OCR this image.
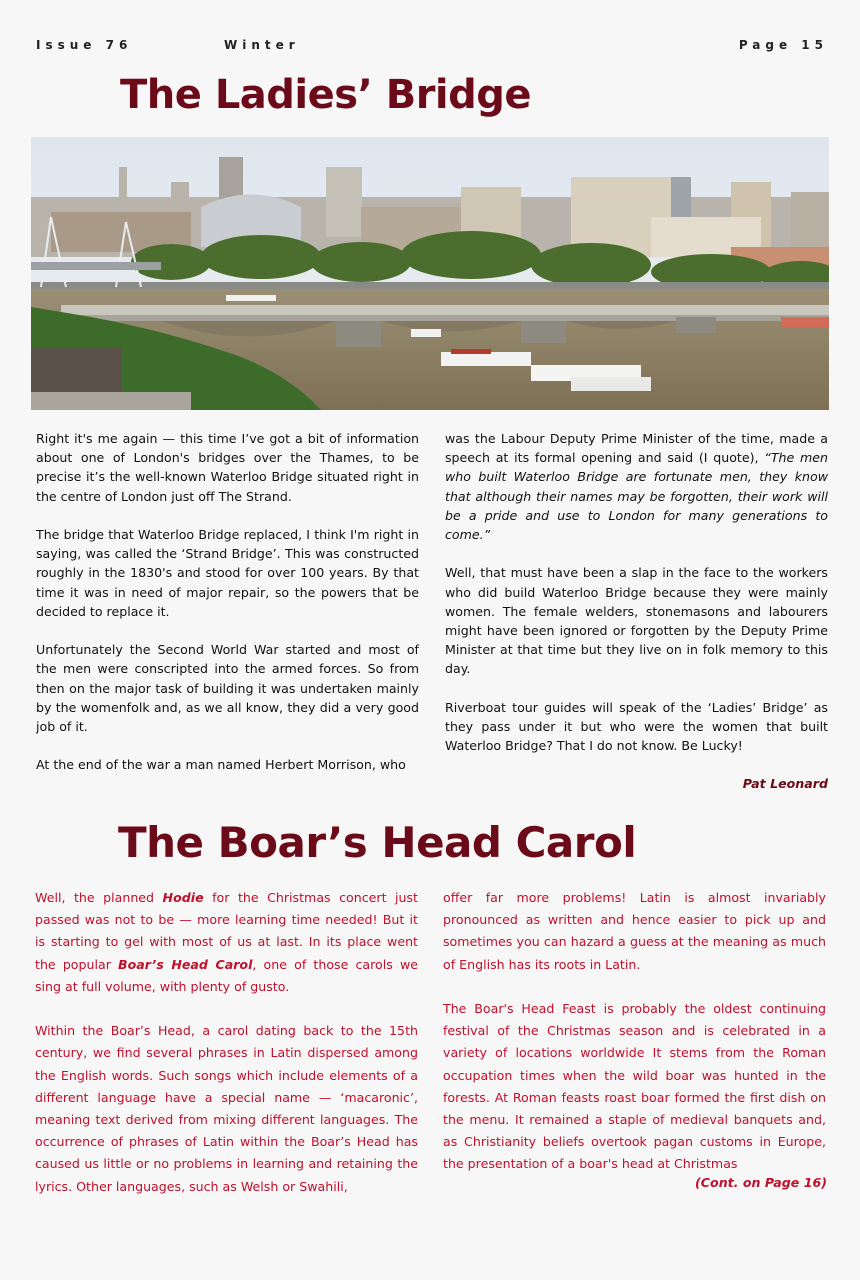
Issue 76	Winter	Page 15
The Ladies’ Bridge

Right it's me again — this time I’ve got a bit of information about one of London's bridges over the Thames, to be precise it’s the well-known Waterloo Bridge situated right in the centre of London just off The Strand.

The bridge that Waterloo Bridge replaced, I think I'm right in saying, was called the ‘Strand Bridge’. This was constructed roughly in the 1830's and stood for over 100 years. By that time it was in need of major repair, so the powers that be decided to replace it.

Unfortunately the Second World War started and most of the men were conscripted into the armed forces. So from then on the major task of building it was undertaken mainly by the womenfolk and, as we all know, they did a very good job of it.

At the end of the war a man named Herbert Morrison, who

was the Labour Deputy Prime Minister of the time, made a speech at its formal opening and said (I quote), “The men who built Waterloo Bridge are fortunate men, they know that although their names may be forgotten, their work will be a pride and use to London for many generations to come.”

Well, that must have been a slap in the face to the workers who did build Waterloo Bridge because they were mainly women. The female welders, stonemasons and labourers might have been ignored or forgotten by the Deputy Prime Minister at that time but they live on in folk memory to this day.

Riverboat tour guides will speak of the ‘Ladies’ Bridge’ as they pass under it but who were the women that built Waterloo Bridge? That I do not know. Be Lucky!

Pat Leonard
The Boar’s Head Carol

Well, the planned Hodie for the Christmas concert just passed was not to be — more learning time needed! But it is starting to gel with most of us at last. In its place went the popular Boar’s Head Carol, one of those carols we sing at full volume, with plenty of gusto.

Within the Boar’s Head, a carol dating back to the 15th century, we find several phrases in Latin dispersed among the English words. Such songs which include elements of a different language have a special name — ‘macaronic’, meaning text derived from mixing different languages. The occurrence of phrases of Latin within the Boar’s Head has caused us little or no problems in learning and retaining the lyrics. Other languages, such as Welsh or Swahili,

offer far more problems! Latin is almost invariably pronounced as written and hence easier to pick up and sometimes you can hazard a guess at the meaning as much of English has its roots in Latin.

The Boar's Head Feast is probably the oldest continuing festival of the Christmas season and is celebrated in a variety of locations worldwide It stems from the Roman occupation times when the wild boar was hunted in the forests. At Roman feasts roast boar formed the first dish on the menu. It remained a staple of medieval banquets and, as Christianity beliefs overtook pagan customs in Europe, the presentation of a boar's head at Christmas

(Cont. on Page 16)
